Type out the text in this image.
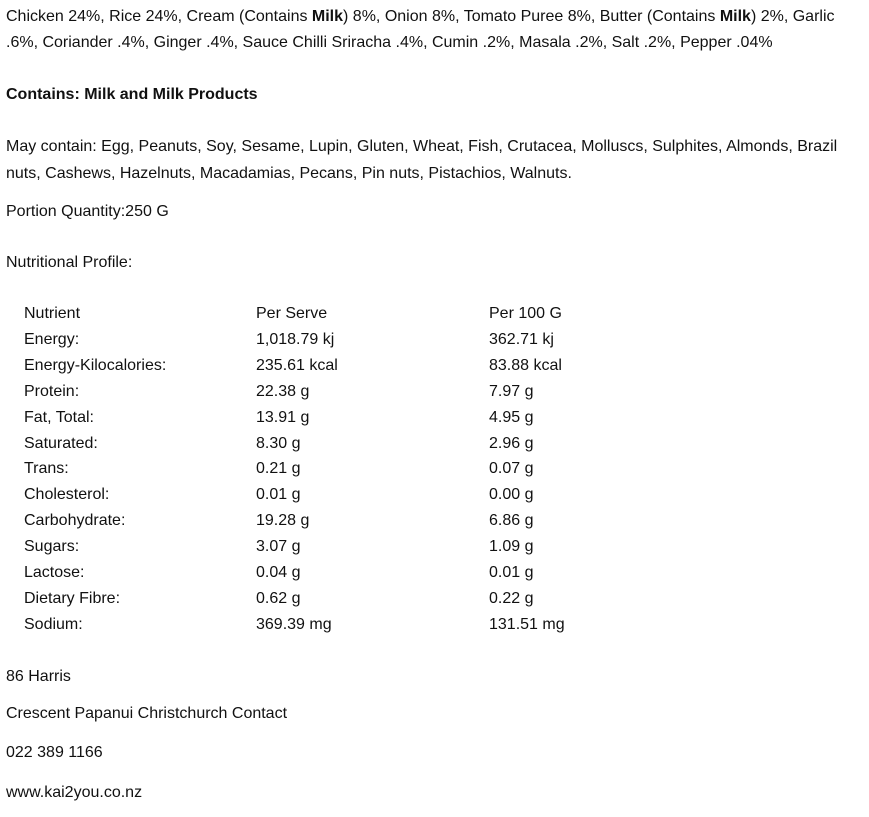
Chicken 24%, Rice 24%, Cream (Contains Milk) 8%, Onion 8%, Tomato Puree 8%, Butter (Contains Milk) 2%, Garlic .6%, Coriander .4%, Ginger .4%, Sauce Chilli Sriracha .4%, Cumin .2%, Masala .2%, Salt .2%, Pepper .04%

Contains: Milk and Milk Products

May contain: Egg, Peanuts, Soy, Sesame, Lupin, Gluten, Wheat, Fish, Crutacea, Molluscs, Sulphites, Almonds, Brazil nuts, Cashews, Hazelnuts, Macadamias, Pecans, Pin nuts, Pistachios, Walnuts.

Portion Quantity:250 G

Nutritional Profile:

Nutrient	Per Serve	Per 100 G
Energy:	1,018.79 kj	362.71 kj
Energy-Kilocalories:	235.61 kcal	83.88 kcal
Protein:	22.38 g	7.97 g
Fat, Total:	13.91 g	4.95 g
Saturated:	8.30 g	2.96 g
Trans:	0.21 g	0.07 g
Cholesterol:	0.01 g	0.00 g
Carbohydrate:	19.28 g	6.86 g
Sugars:	3.07 g	1.09 g
Lactose:	0.04 g	0.01 g
Dietary Fibre:	0.62 g	0.22 g
Sodium:	369.39 mg	131.51 mg

86 Harris

Crescent Papanui Christchurch Contact

022 389 1166

www.kai2you.co.nz
